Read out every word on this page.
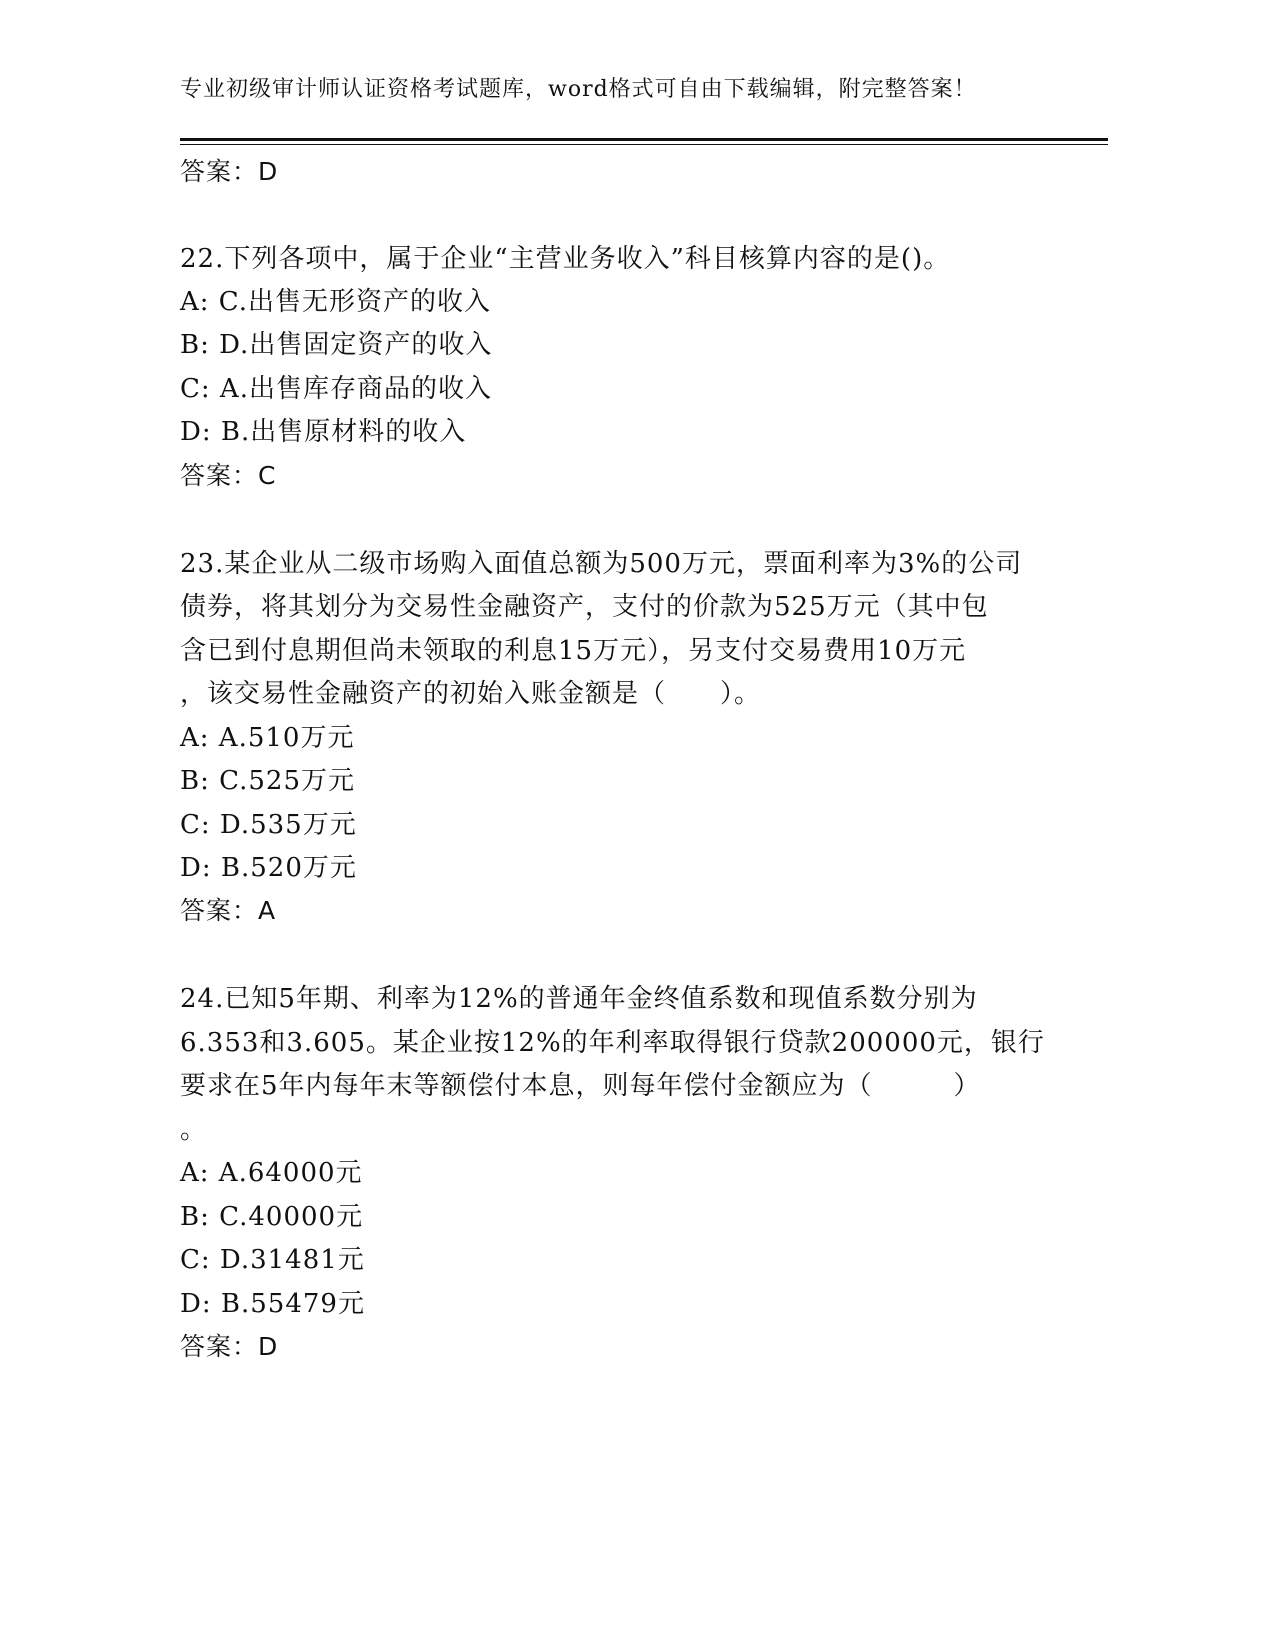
专业初级审计师认证资格考试题库，word格式可自由下载编辑，附完整答案！
答案：D
22.下列各项中，属于企业“主营业务收入”科目核算内容的是()。
A: C.出售无形资产的收入
B: D.出售固定资产的收入
C: A.出售库存商品的收入
D: B.出售原材料的收入
答案：C
23.某企业从二级市场购入面值总额为500万元，票面利率为3%的公司
债券，将其划分为交易性金融资产，支付的价款为525万元（其中包
含已到付息期但尚未领取的利息15万元），另支付交易费用10万元
，该交易性金融资产的初始入账金额是（　　）。
A: A.510万元
B: C.525万元
C: D.535万元
D: B.520万元
答案：A
24.已知5年期、利率为12%的普通年金终值系数和现值系数分别为
6.353和3.605。某企业按12%的年利率取得银行贷款200000元，银行
要求在5年内每年末等额偿付本息，则每年偿付金额应为（　　　）
。
A: A.64000元
B: C.40000元
C: D.31481元
D: B.55479元
答案：D
